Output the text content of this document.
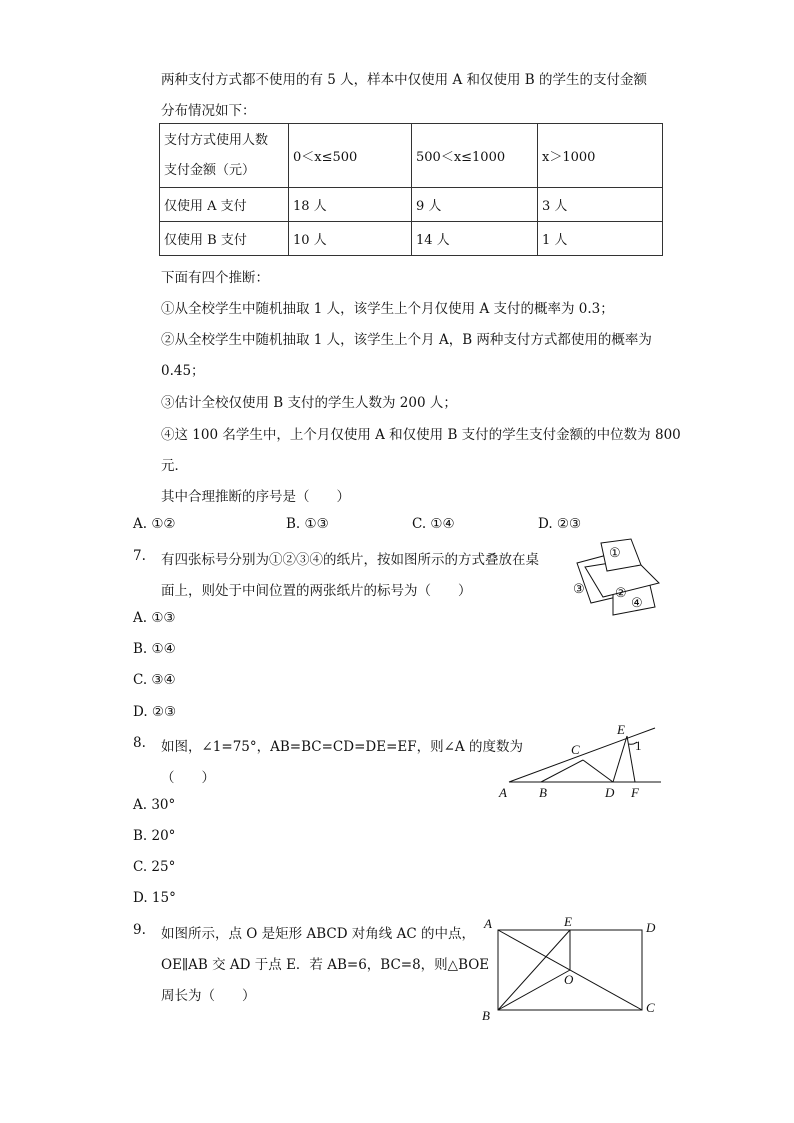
两种支付方式都不使用的有 5 人，样本中仅使用 A 和仅使用 B 的学生的支付金额
分布情况如下：
支付方式使用人数
支付金额（元）	0＜x≤500	500＜x≤1000	x＞1000
仅使用 A 支付	18 人	9 人	3 人
仅使用 B 支付	10 人	14 人	1 人
下面有四个推断：
①从全校学生中随机抽取 1 人，该学生上个月仅使用 A 支付的概率为 0.3；
②从全校学生中随机抽取 1 人，该学生上个月 A，B 两种支付方式都使用的概率为
0.45；
③估计全校仅使用 B 支付的学生人数为 200 人；
④这 100 名学生中，上个月仅使用 A 和仅使用 B 支付的学生支付金额的中位数为 800
元．
其中合理推断的序号是（　　）
A. ①②	B. ①③	C. ①④	D. ②③
7. 有四张标号分别为①②③④的纸片，按如图所示的方式叠放在桌
面上，则处于中间位置的两张纸片的标号为（　　）
A. ①③
B. ①④
C. ③④
D. ②③
①
②
③
④
8. 如图，∠1=75°，AB=BC=CD=DE=EF，则∠A 的度数为
（　　）
A. 30°
B. 20°
C. 25°
D. 15°
A B
C
D
E
F
1
9. 如图所示，点 O 是矩形 ABCD 对角线 AC 的中点，
OE∥AB 交 AD 于点 E．若 AB=6，BC=8，则△BOE
周长为（　　）
A	E	D
O
B
C
